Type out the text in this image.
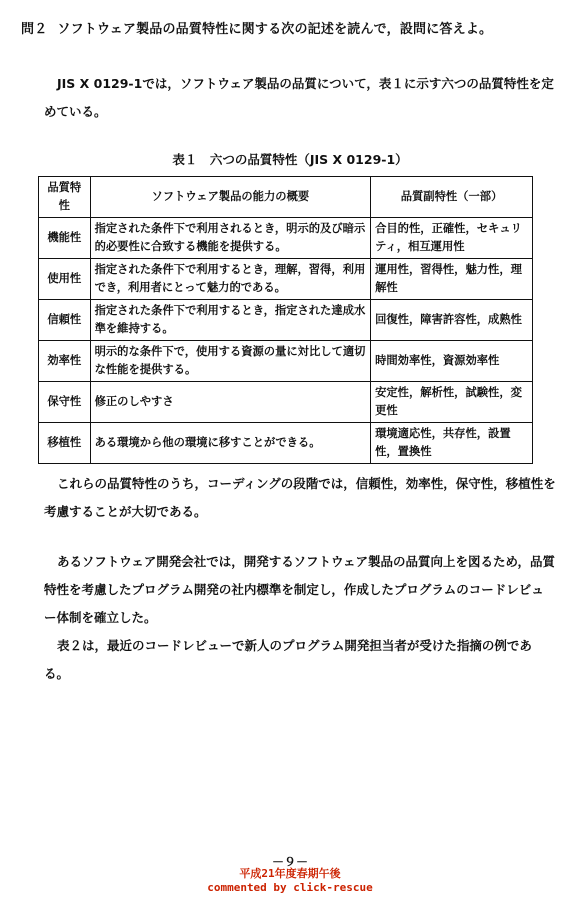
問２ ソフトウェア製品の品質特性に関する次の記述を読んで，設問に答えよ。
JIS X 0129-1では，ソフトウェア製品の品質について，表１に示す六つの品質特性を定めている。
表１　六つの品質特性（JIS X 0129-1）
品質特性	ソフトウェア製品の能力の概要	品質副特性（一部）
機能性	指定された条件下で利用されるとき，明示的及び暗示的必要性に合致する機能を提供する。	合目的性，正確性，セキュリティ，相互運用性
使用性	指定された条件下で利用するとき，理解，習得，利用でき，利用者にとって魅力的である。	運用性，習得性，魅力性，理解性
信頼性	指定された条件下で利用するとき，指定された達成水準を維持する。	回復性，障害許容性，成熟性
効率性	明示的な条件下で，使用する資源の量に対比して適切な性能を提供する。	時間効率性，資源効率性
保守性	修正のしやすさ	安定性，解析性，試験性，変更性
移植性	ある環境から他の環境に移すことができる。	環境適応性，共存性，設置性，置換性
これらの品質特性のうち，コーディングの段階では，信頼性，効率性，保守性，移植性を考慮することが大切である。
あるソフトウェア開発会社では，開発するソフトウェア製品の品質向上を図るため，品質特性を考慮したプログラム開発の社内標準を制定し，作成したプログラムのコードレビュー体制を確立した。
表２は，最近のコードレビューで新人のプログラム開発担当者が受けた指摘の例である。
－９－
平成21年度春期午後
commented by click-rescue
